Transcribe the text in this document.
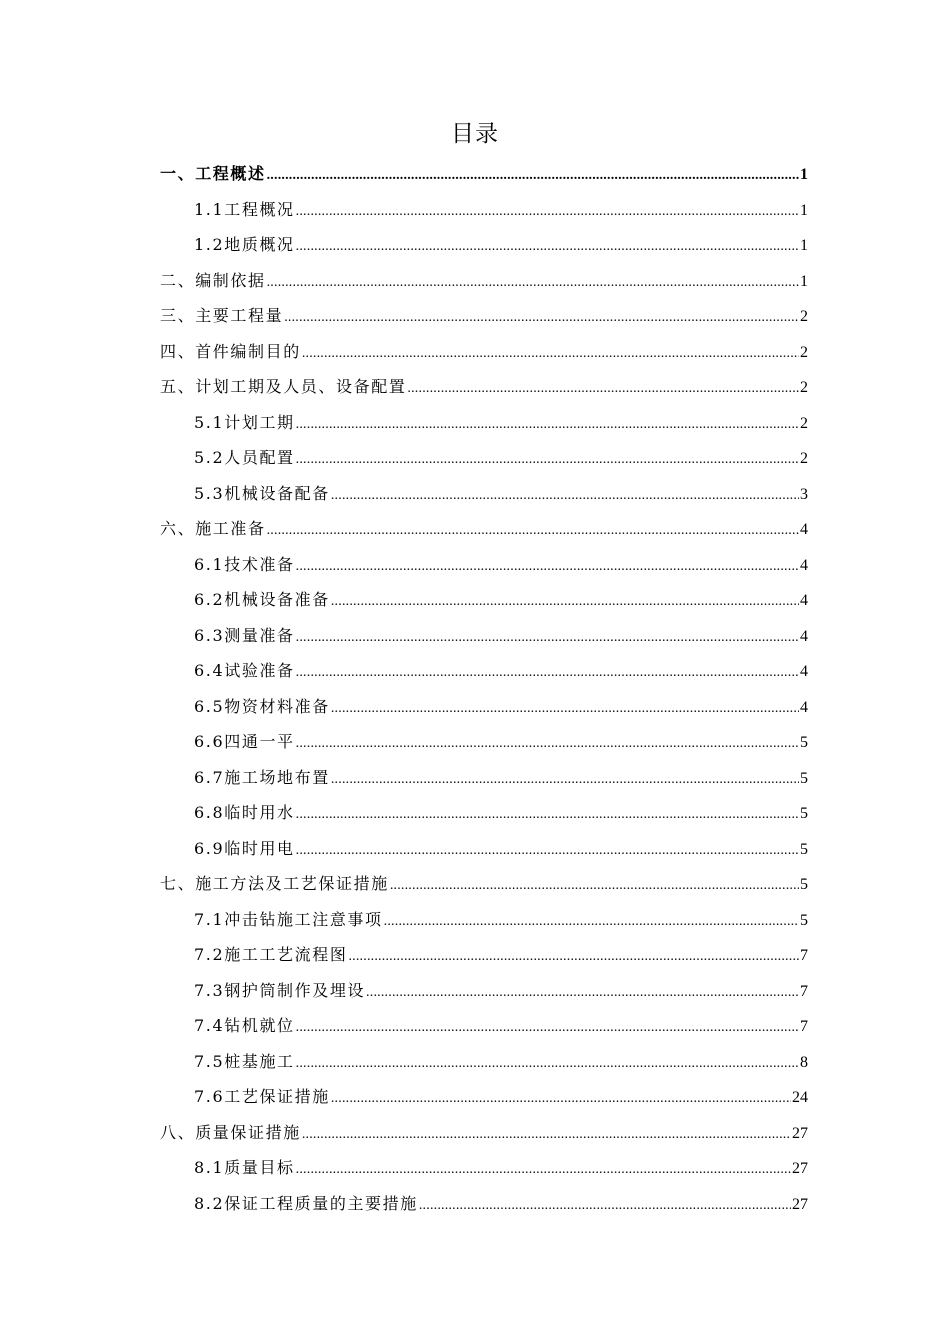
目录
一、工程概述 .....	1
1.1工程概况 .....	1
1.2地质概况 .....	1
二、编制依据 .....	1
三、主要工程量 .....	2
四、首件编制目的 .....	2
五、计划工期及人员、设备配置 .....	2
5.1计划工期 .....	2
5.2人员配置 .....	2
5.3机械设备配备 .....	3
六、施工准备 .....	4
6.1技术准备 .....	4
6.2机械设备准备 .....	4
6.3测量准备 .....	4
6.4试验准备 .....	4
6.5物资材料准备 .....	4
6.6四通一平 .....	5
6.7施工场地布置 .....	5
6.8临时用水 .....	5
6.9临时用电 .....	5
七、施工方法及工艺保证措施 .....	5
7.1冲击钻施工注意事项 .....	5
7.2施工工艺流程图 .....	7
7.3钢护筒制作及埋设 .....	7
7.4钻机就位 .....	7
7.5桩基施工 .....	8
7.6工艺保证措施 .....	24
八、质量保证措施 .....	27
8.1质量目标 .....	27
8.2保证工程质量的主要措施 .....	27
